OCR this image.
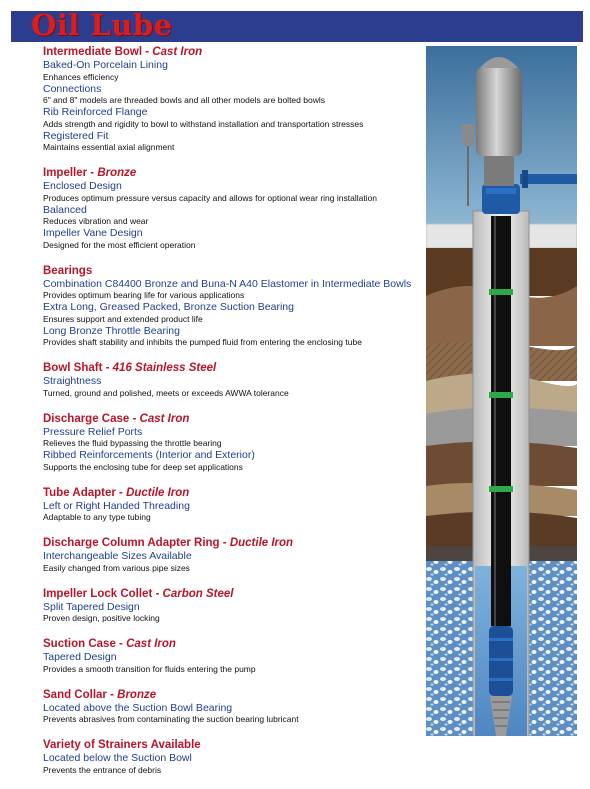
Oil Lube
Intermediate Bowl - Cast Iron
Baked-On Porcelain Lining
Enhances efficiency
Connections
6" and 8" models are threaded bowls and all other models are bolted bowls
Rib Reinforced Flange
Adds strength and rigidity to bowl to withstand installation and transportation stresses
Registered Fit
Maintains essential axial alignment
Impeller - Bronze
Enclosed Design
Produces optimum pressure versus capacity and allows for optional wear ring installation
Balanced
Reduces vibration and wear
Impeller Vane Design
Designed for the most efficient operation
Bearings
Combination C84400 Bronze and Buna-N A40 Elastomer in Intermediate Bowls
Provides optimum bearing life for various applications
Extra Long, Greased Packed, Bronze Suction Bearing
Ensures support and extended product life
Long Bronze Throttle Bearing
Provides shaft stability and inhibits the pumped fluid from entering the enclosing tube
Bowl Shaft - 416 Stainless Steel
Straightness
Turned, ground and polished, meets or exceeds AWWA tolerance
Discharge Case - Cast Iron
Pressure Relief Ports
Relieves the fluid bypassing the throttle bearing
Ribbed Reinforcements (Interior and Exterior)
Supports the enclosing tube for deep set applications
Tube Adapter - Ductile Iron
Left or Right Handed Threading
Adaptable to any type tubing
Discharge Column Adapter Ring - Ductile Iron
Interchangeable Sizes Available
Easily changed from various pipe sizes
Impeller Lock Collet - Carbon Steel
Split Tapered Design
Proven design, positive locking
Suction Case - Cast Iron
Tapered Design
Provides a smooth transition for fluids entering the pump
Sand Collar - Bronze
Located above the Suction Bowl Bearing
Prevents abrasives from contaminating the suction bearing lubricant
Variety of Strainers Available
Located below the Suction Bowl
Prevents the entrance of debris
